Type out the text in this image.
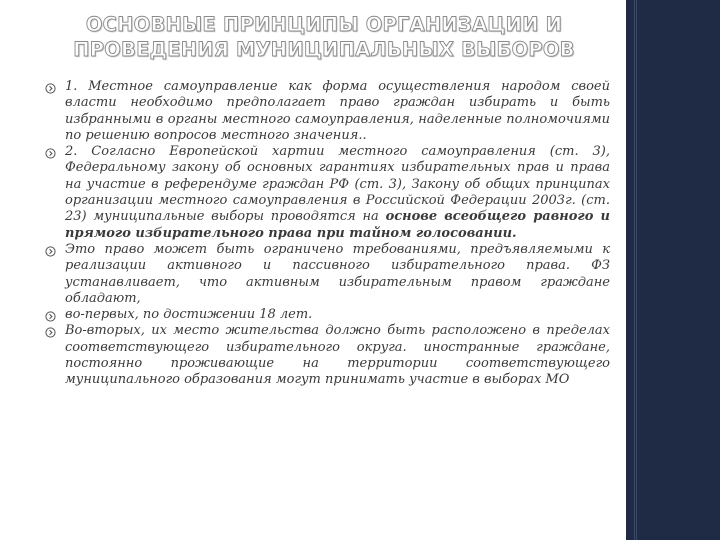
ОСНОВНЫЕ ПРИНЦИПЫ ОРГАНИЗАЦИИ И
ПРОВЕДЕНИЯ МУНИЦИПАЛЬНЫХ ВЫБОРОВ
1. Местное самоуправление как форма осуществления народом своей власти необходимо предполагает право граждан избирать и быть избранными в органы местного самоуправления, наделенные полномочиями по решению вопросов местного значения..
2. Согласно Европейской хартии местного самоуправления (ст. 3), Федеральному закону об основных гарантиях избирательных прав и права на участие в референдуме граждан РФ (ст. 3), Закону об общих принципах организации местного самоуправления в Российской Федерации 2003г. (ст. 23) муниципальные выборы проводятся на основе всеобщего равного и прямого избирательного права при тайном голосовании.
Это право может быть ограничено требованиями, предъявляемыми к реализации активного и пассивного избирательного права. ФЗ устанавливает, что активным избирательным правом граждане обладают,
во-первых, по достижении 18 лет.
Во-вторых, их место жительства должно быть расположено в пределах соответствующего избирательного округа. иностранные граждане, постоянно проживающие на территории соответствующего муниципального образования могут принимать участие в выборах МО
